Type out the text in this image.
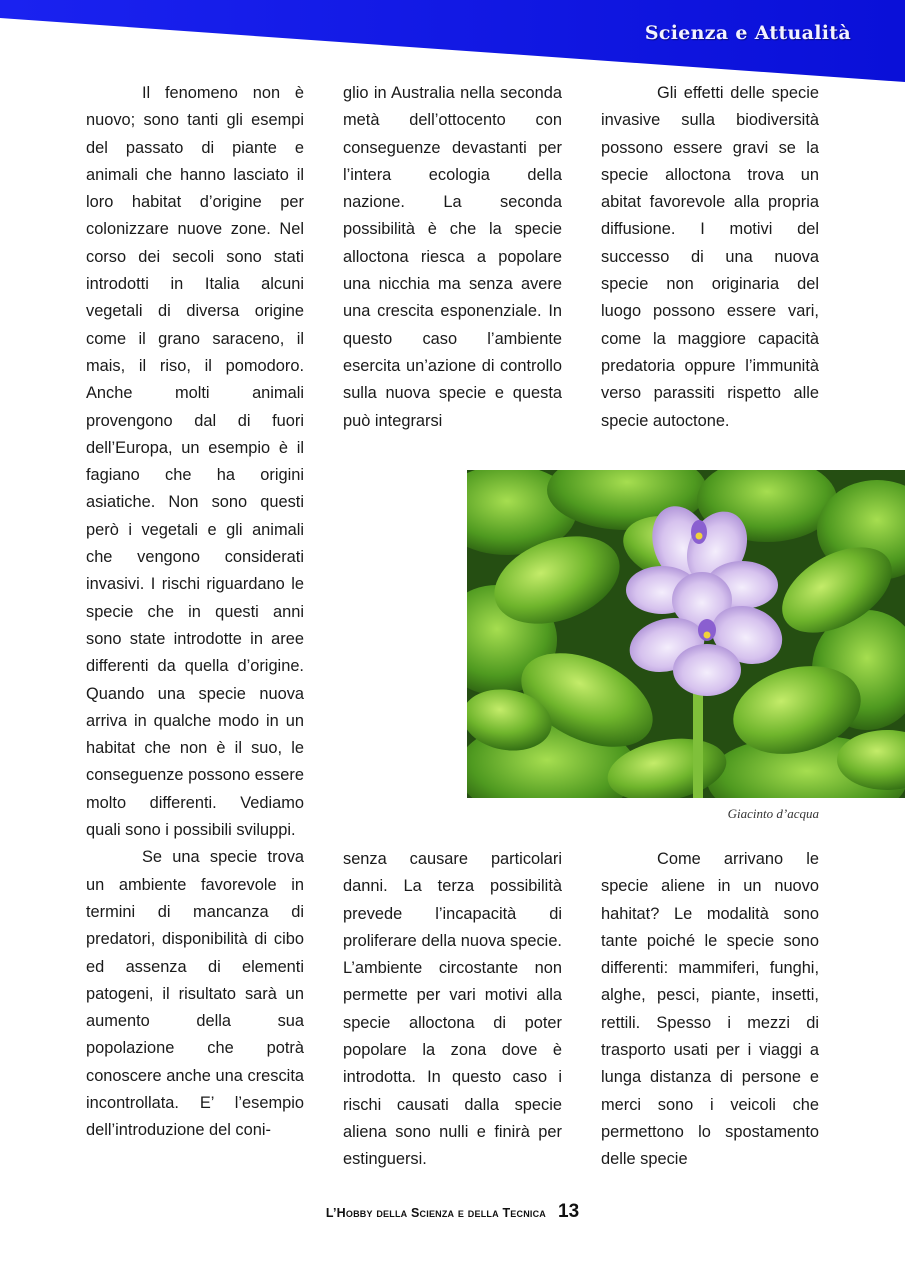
Scienza e Attualità

Il fenomeno non è nuovo; sono tanti gli esempi del passato di piante e animali che hanno lasciato il loro habitat d’origine per colonizzare nuove zone. Nel corso dei secoli sono stati introdotti in Italia alcuni vegetali di diversa origine come il grano saraceno, il mais, il riso, il pomodoro. Anche molti animali provengono dal di fuori dell’Europa, un esempio è il fagiano che ha origini asiatiche. Non sono questi però i vegetali e gli animali che vengono considerati invasivi. I rischi riguardano le specie che in questi anni sono state introdotte in aree differenti da quella d’origine. Quando una specie nuova arriva in qualche modo in un habitat che non è il suo, le conseguenze possono essere molto differenti. Vediamo quali sono i possibili sviluppi.

Se una specie trova un ambiente favorevole in termini di mancanza di predatori, disponibilità di cibo ed assenza di elementi patogeni, il risultato sarà un aumento della sua popolazione che potrà conoscere anche una crescita incontrollata. E’ l’esempio dell’introduzione del coni-

glio in Australia nella seconda metà dell’ottocento con conseguenze devastanti per l’intera ecologia della nazione. La seconda possibilità è che la specie alloctona riesca a popolare una nicchia ma senza avere una crescita esponenziale. In questo caso l’ambiente esercita un’azione di controllo sulla nuova specie e questa può integrarsi

senza causare particolari danni. La terza possibilità prevede l’incapacità di proliferare della nuova specie. L’ambiente circostante non permette per vari motivi alla specie alloctona di poter popolare la zona dove è introdotta. In questo caso i rischi causati dalla specie aliena sono nulli e finirà per estinguersi.

Gli effetti delle specie invasive sulla biodiversità possono essere gravi se la specie alloctona trova un abitat favorevole alla propria diffusione. I motivi del successo di una nuova specie non originaria del luogo possono essere vari, come la maggiore capacità predatoria oppure l’immunità verso parassiti rispetto alle specie autoctone.

Come arrivano le specie aliene in un nuovo hahitat? Le modalità sono tante poiché le specie sono differenti: mammiferi, funghi, alghe, pesci, piante, insetti, rettili. Spesso i mezzi di trasporto usati per i viaggi a lunga distanza di persone e merci sono i veicoli che permettono lo spostamento delle specie

Giacinto d’acqua
L’Hobby della Scienza e della Tecnica 13
